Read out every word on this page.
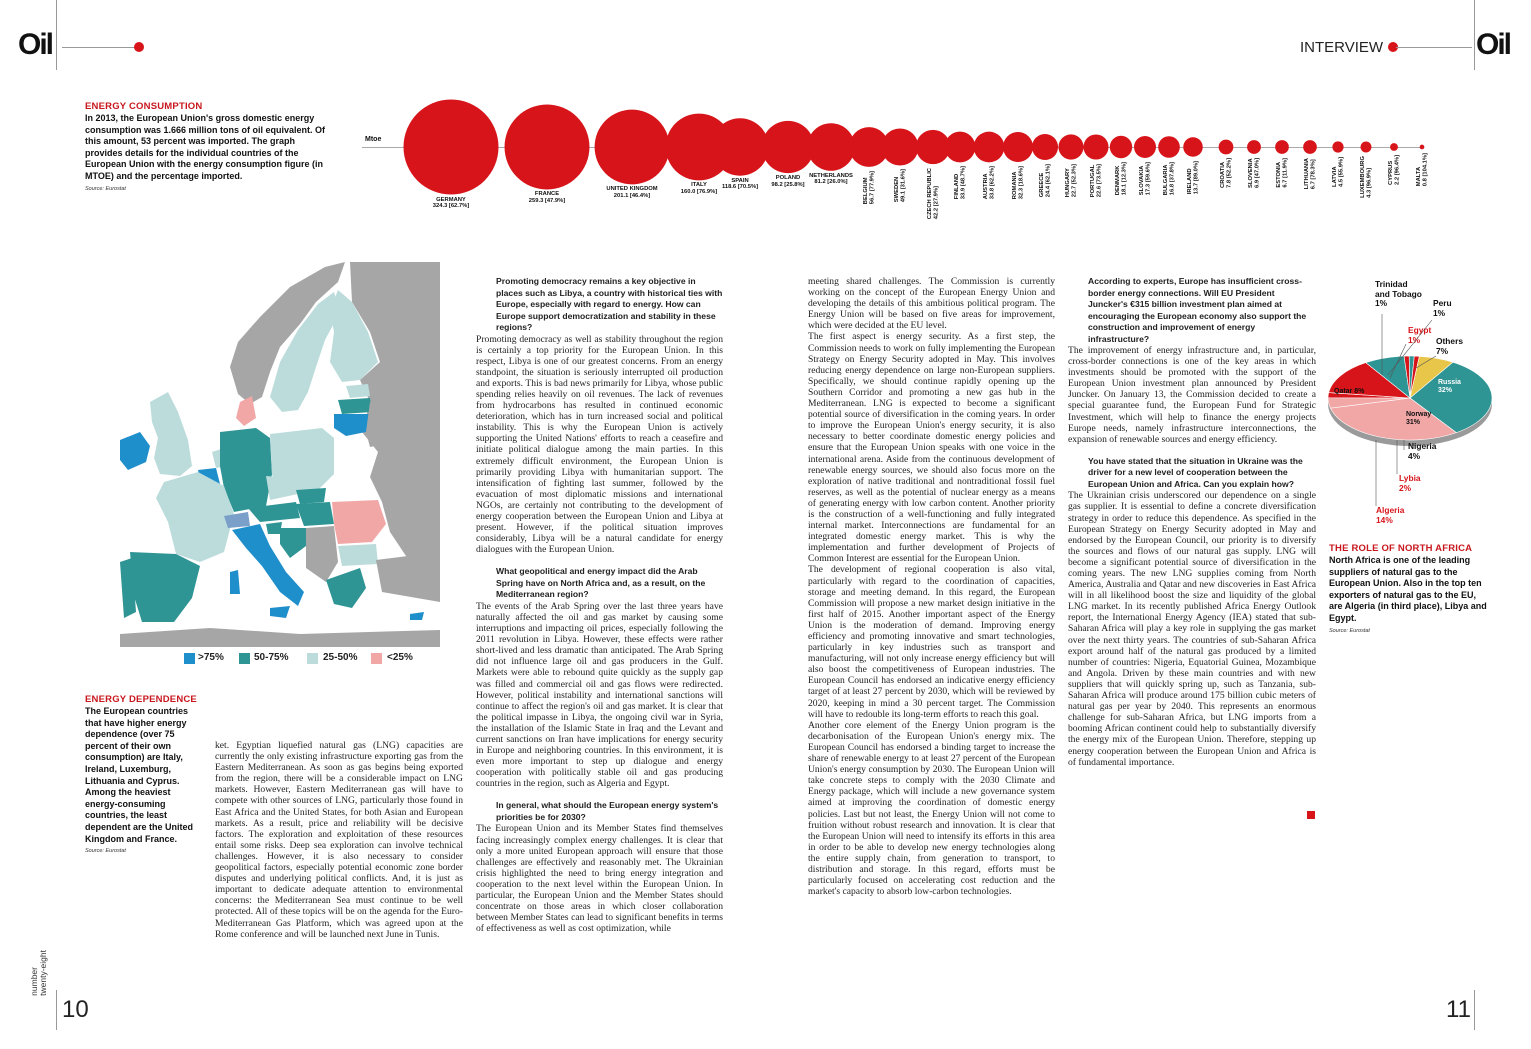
Oil	INTERVIEW	Oil
ENERGY CONSUMPTION
In 2013, the European Union's gross domestic energy consumption was 1.666 million tons of oil equivalent. Of this amount, 53 percent was imported. The graph provides details for the individual countries of the European Union with the energy consumption figure (in MTOE) and the percentage imported.
Source: Eurostat
Mtoe
GERMANY
324.3 [62.7%]
FRANCE
259.3 [47.9%]
UNITED KINGDOM
201.1 [46.4%]
ITALY
160.0 [76.9%]
SPAIN
118.6 [70.5%]
POLAND
98.2 [25.8%]
NETHERLANDS
81.2 [26.0%]	BELGIUM
56.7 [77.9%]	SWEDEN
49.1 [31.6%]	CZECH REPUBLIC
42.2 [27.9%] FINLAND
33.9 [48.7%]	AUSTRIA
33.8 [62.2%]	ROMANIA
32.3 [18.6%] GREECE
24.4 [62.1%] HUNGARY
22.7 [52.3%] PORTUGAL
22.6 [73.5%] DENMARK
18.1 [12.3%] SLOVAKIA
17.3 [59.6%] BULGARIA
16.8 [37.8%] IRELAND
13.7 [89.0%]	CROATIA
7.8 [52.2%]	SLOVENIA
6.9 [47.0%]	ESTONIA
6.7 [11.9%]	LITHUANIA
6.7 [78.3%]	LATVIA
4.5 [55.9%]	LUXEMBOURG
4.3 [96.9%]	CYPRUS
2.2 [96.4%]	MALTA
0.8 [104.1%]
>75%	50-75%	25-50%	<25%
ENERGY DEPENDENCE
The European countries that have higher energy dependence (over 75 percent of their own consumption) are Italy, Ireland, Luxemburg, Lithuania and Cyprus. Among the heaviest energy-consuming countries, the least dependent are the United Kingdom and France.
Source: Eurostat

ket. Egyptian liquefied natural gas (LNG) capacities are currently the only existing infrastructure exporting gas from the Eastern Mediterranean. As soon as gas begins being exported from the region, there will be a considerable impact on LNG markets. However, Eastern Mediterranean gas will have to compete with other sources of LNG, particularly those found in East Africa and the United States, for both Asian and European markets. As a result, price and reliability will be decisive factors. The exploration and exploitation of these resources entail some risks. Deep sea exploration can involve technical challenges. However, it is also necessary to consider geopolitical factors, especially potential economic zone border disputes and underlying political conflicts. And, it is just as important to dedicate adequate attention to environmental concerns: the Mediterranean Sea must continue to be well protected. All of these topics will be on the agenda for the Euro-Mediterranean Gas Platform, which was agreed upon at the Rome conference and will be launched next June in Tunis.

Promoting democracy remains a key objective in places such as Libya, a country with historical ties with Europe, especially with regard to energy. How can Europe support democratization and stability in these regions?

Promoting democracy as well as stability throughout the region is certainly a top priority for the European Union. In this respect, Libya is one of our greatest concerns. From an energy standpoint, the situation is seriously interrupted oil production and exports. This is bad news primarily for Libya, whose public spending relies heavily on oil revenues. The lack of revenues from hydrocarbons has resulted in continued economic deterioration, which has in turn increased social and political instability. This is why the European Union is actively supporting the United Nations' efforts to reach a ceasefire and initiate political dialogue among the main parties. In this extremely difficult environment, the European Union is primarily providing Libya with humanitarian support. The intensification of fighting last summer, followed by the evacuation of most diplomatic missions and international NGOs, are certainly not contributing to the development of energy cooperation between the European Union and Libya at present. However, if the political situation improves considerably, Libya will be a natural candidate for energy dialogues with the European Union.

What geopolitical and energy impact did the Arab Spring have on North Africa and, as a result, on the Mediterranean region?

The events of the Arab Spring over the last three years have naturally affected the oil and gas market by causing some interruptions and impacting oil prices, especially following the 2011 revolution in Libya. However, these effects were rather short-lived and less dramatic than anticipated. The Arab Spring did not influence large oil and gas producers in the Gulf. Markets were able to rebound quite quickly as the supply gap was filled and commercial oil and gas flows were redirected. However, political instability and international sanctions will continue to affect the region's oil and gas market. It is clear that the political impasse in Libya, the ongoing civil war in Syria, the installation of the Islamic State in Iraq and the Levant and current sanctions on Iran have implications for energy security in Europe and neighboring countries. In this environment, it is even more important to step up dialogue and energy cooperation with politically stable oil and gas producing countries in the region, such as Algeria and Egypt.

In general, what should the European energy system's priorities be for 2030?

The European Union and its Member States find themselves facing increasingly complex energy challenges. It is clear that only a more united European approach will ensure that those challenges are effectively and reasonably met. The Ukrainian crisis highlighted the need to bring energy integration and cooperation to the next level within the European Union. In particular, the European Union and the Member States should concentrate on those areas in which closer collaboration between Member States can lead to significant benefits in terms of effectiveness as well as cost optimization, while

meeting shared challenges. The Commission is currently working on the concept of the European Energy Union and developing the details of this ambitious political program. The Energy Union will be based on five areas for improvement, which were decided at the EU level.

The first aspect is energy security. As a first step, the Commission needs to work on fully implementing the European Strategy on Energy Security adopted in May. This involves reducing energy dependence on large non-European suppliers. Specifically, we should continue rapidly opening up the Southern Corridor and promoting a new gas hub in the Mediterranean. LNG is expected to become a significant potential source of diversification in the coming years. In order to improve the European Union's energy security, it is also necessary to better coordinate domestic energy policies and ensure that the European Union speaks with one voice in the international arena. Aside from the continuous development of renewable energy sources, we should also focus more on the exploration of native traditional and nontraditional fossil fuel reserves, as well as the potential of nuclear energy as a means of generating energy with low carbon content. Another priority is the construction of a well-functioning and fully integrated internal market. Interconnections are fundamental for an integrated domestic energy market. This is why the implementation and further development of Projects of Common Interest are essential for the European Union.

The development of regional cooperation is also vital, particularly with regard to the coordination of capacities, storage and meeting demand. In this regard, the European Commission will propose a new market design initiative in the first half of 2015. Another important aspect of the Energy Union is the moderation of demand. Improving energy efficiency and promoting innovative and smart technologies, particularly in key industries such as transport and manufacturing, will not only increase energy efficiency but will also boost the competitiveness of European industries. The European Council has endorsed an indicative energy efficiency target of at least 27 percent by 2030, which will be reviewed by 2020, keeping in mind a 30 percent target. The Commission will have to redouble its long-term efforts to reach this goal.

Another core element of the Energy Union program is the decarbonisation of the European Union's energy mix. The European Council has endorsed a binding target to increase the share of renewable energy to at least 27 percent of the European Union's energy consumption by 2030. The European Union will take concrete steps to comply with the 2030 Climate and Energy package, which will include a new governance system aimed at improving the coordination of domestic energy policies. Last but not least, the Energy Union will not come to fruition without robust research and innovation. It is clear that the European Union will need to intensify its efforts in this area in order to be able to develop new energy technologies along the entire supply chain, from generation to transport, to distribution and storage. In this regard, efforts must be particularly focused on accelerating cost reduction and the market's capacity to absorb low-carbon technologies.

According to experts, Europe has insufficient cross-border energy connections. Will EU President Juncker's €315 billion investment plan aimed at encouraging the European economy also support the construction and improvement of energy infrastructure?

The improvement of energy infrastructure and, in particular, cross-border connections is one of the key areas in which investments should be promoted with the support of the European Union investment plan announced by President Juncker. On January 13, the Commission decided to create a special guarantee fund, the European Fund for Strategic Investment, which will help to finance the energy projects Europe needs, namely infrastructure interconnections, the expansion of renewable sources and energy efficiency.

You have stated that the situation in Ukraine was the driver for a new level of cooperation between the European Union and Africa. Can you explain how?

The Ukrainian crisis underscored our dependence on a single gas supplier. It is essential to define a concrete diversification strategy in order to reduce this dependence. As specified in the European Strategy on Energy Security adopted in May and endorsed by the European Council, our priority is to diversify the sources and flows of our natural gas supply. LNG will become a significant potential source of diversification in the coming years. The new LNG supplies coming from North America, Australia and Qatar and new discoveries in East Africa will in all likelihood boost the size and liquidity of the global LNG market. In its recently published Africa Energy Outlook report, the International Energy Agency (IEA) stated that sub-Saharan Africa will play a key role in supplying the gas market over the next thirty years. The countries of sub-Saharan Africa export around half of the natural gas produced by a limited number of countries: Nigeria, Equatorial Guinea, Mozambique and Angola. Driven by these main countries and with new suppliers that will quickly spring up, such as Tanzania, sub-Saharan Africa will produce around 175 billion cubic meters of natural gas per year by 2040. This represents an enormous challenge for sub-Saharan Africa, but LNG imports from a booming African continent could help to substantially diversify the energy mix of the European Union. Therefore, stepping up energy cooperation between the European Union and Africa is of fundamental importance.

Trinidad
and Tobago
1%	Peru
1%
Egypt
1%	Others
7%
Qatar 8%
Russia
32%
Norway
31%
Nigeria
4%
Lybia
2%
Algeria
14%
THE ROLE OF NORTH AFRICA
North Africa is one of the leading suppliers of natural gas to the European Union. Also in the top ten exporters of natural gas to the EU, are Algeria (in third place), Libya and Egypt.
Source: Eurostat
number
twenty-eight
10	11
